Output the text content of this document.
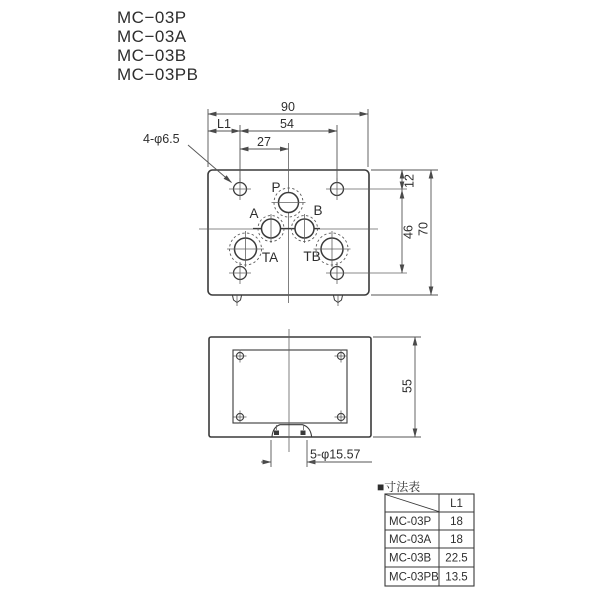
MC−03P
MC−03A
MC−03B
MC−03PB
P
A	B
TA TB
90
L1	54
27
4-φ6.5
12
46 70
55
5-φ15.57
■寸法表
L1
MC-03P 18
MC-03A 18
MC-03B 22.5
MC-03PB 13.5
